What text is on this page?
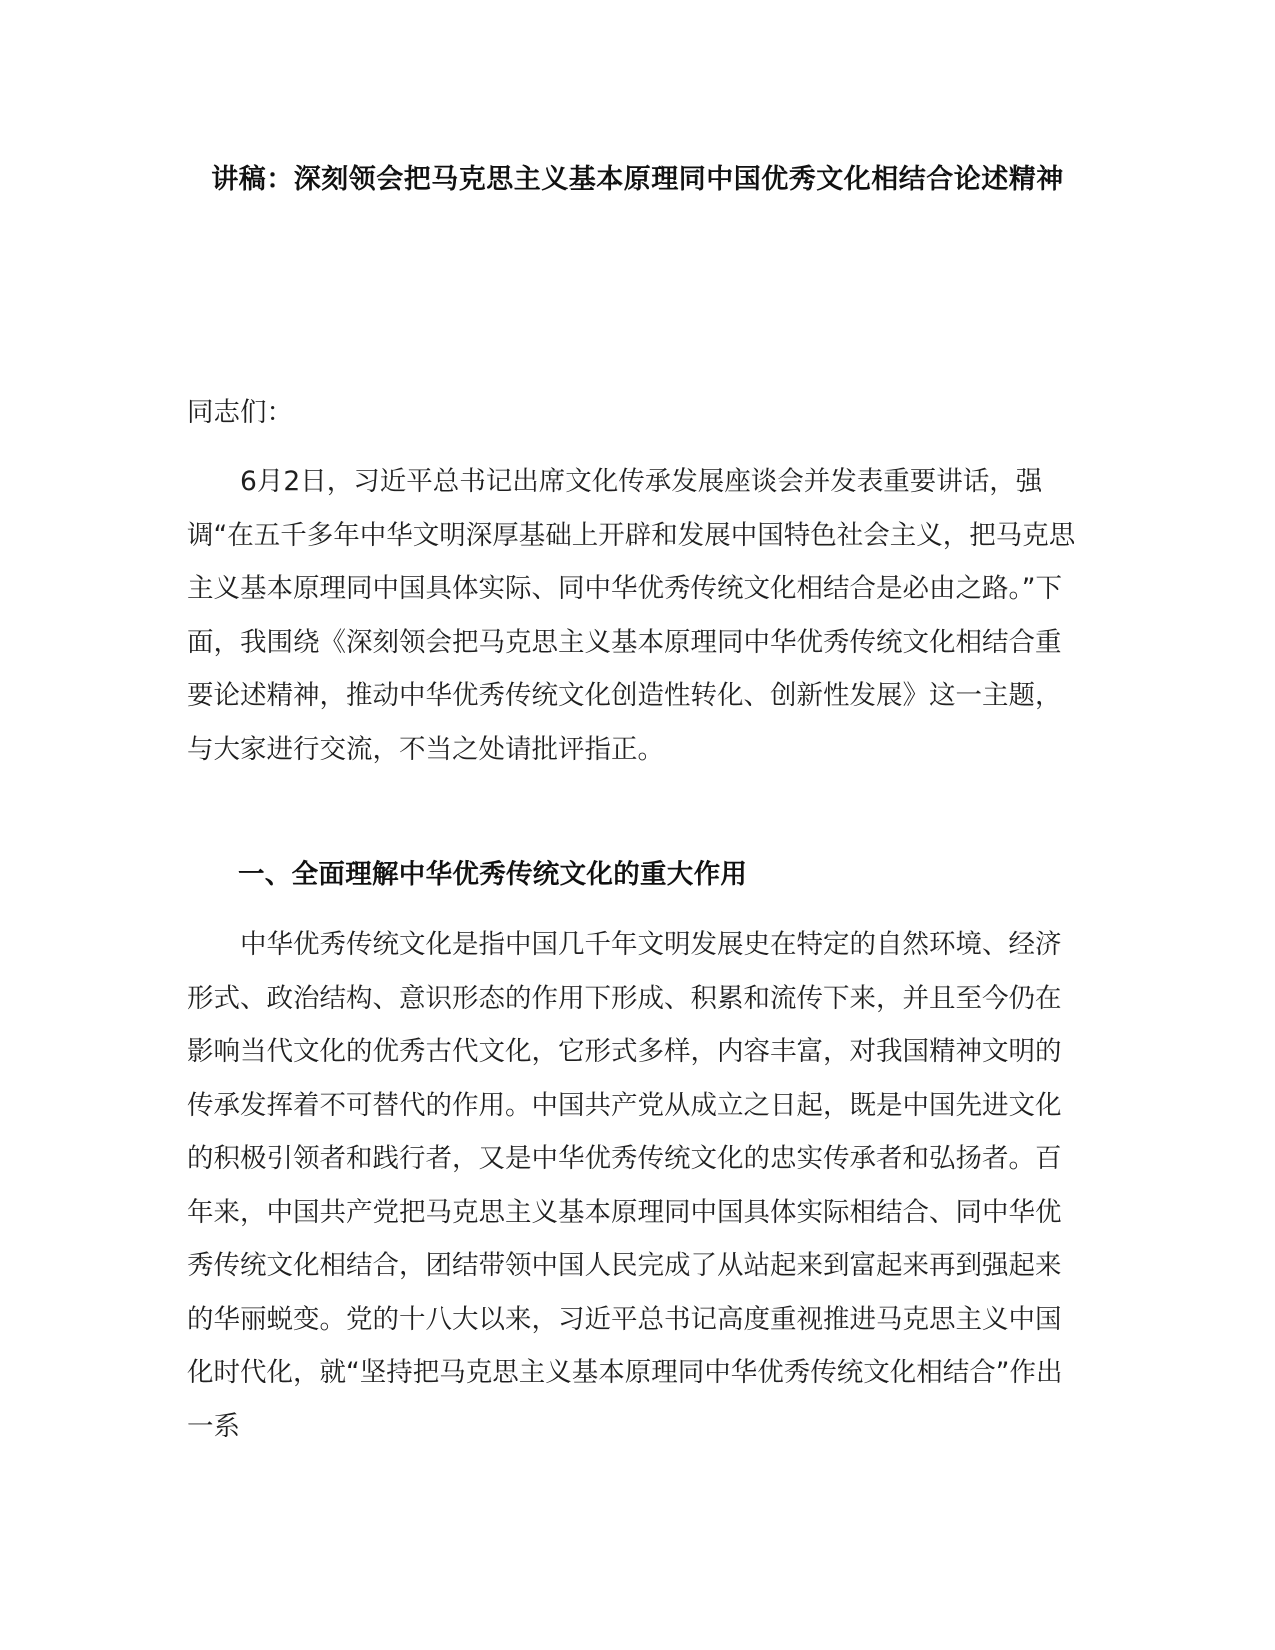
讲稿：深刻领会把马克思主义基本原理同中国优秀文化相结合论述精神

同志们：

6月2日，习近平总书记出席文化传承发展座谈会并发表重要讲话，强调“在五千多年中华文明深厚基础上开辟和发展中国特色社会主义，把马克思主义基本原理同中国具体实际、同中华优秀传统文化相结合是必由之路。”下面，我围绕《深刻领会把马克思主义基本原理同中华优秀传统文化相结合重要论述精神，推动中华优秀传统文化创造性转化、创新性发展》这一主题，与大家进行交流，不当之处请批评指正。

一、全面理解中华优秀传统文化的重大作用

中华优秀传统文化是指中国几千年文明发展史在特定的自然环境、经济形式、政治结构、意识形态的作用下形成、积累和流传下来，并且至今仍在影响当代文化的优秀古代文化，它形式多样，内容丰富，对我国精神文明的传承发挥着不可替代的作用。中国共产党从成立之日起，既是中国先进文化的积极引领者和践行者，又是中华优秀传统文化的忠实传承者和弘扬者。百年来，中国共产党把马克思主义基本原理同中国具体实际相结合、同中华优秀传统文化相结合，团结带领中国人民完成了从站起来到富起来再到强起来的华丽蜕变。党的十八大以来，习近平总书记高度重视推进马克思主义中国化时代化，就“坚持把马克思主义基本原理同中华优秀传统文化相结合”作出一系
